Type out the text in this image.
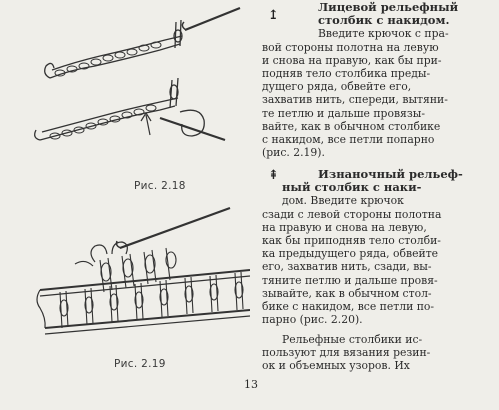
Рис. 2.18
Рис. 2.19
↥
Лицевой рельефный
столбик с накидом.
Введите крючок с пра-
вой стороны полотна на левую
и снова на правую, как бы при-
подняв тело столбика преды-
дущего ряда, обвейте его,
захватив нить, спереди, вытяни-
те петлю и дальше провязы-
вайте, как в обычном столбике
с накидом, все петли попарно
(рис. 2.19).
⇞	Изнаночный рельеф-
ный столбик с наки-
дом. Введите крючок
сзади с левой стороны полотна
на правую и снова на левую,
как бы приподняв тело столби-
ка предыдущего ряда, обвейте
его, захватив нить, сзади, вы-
тяните петлю и дальше провя-
зывайте, как в обычном стол-
бике с накидом, все петли по-
парно (рис. 2.20).
Рельефные столбики ис-
пользуют для вязания резин-
ок и объемных узоров. Их
13
